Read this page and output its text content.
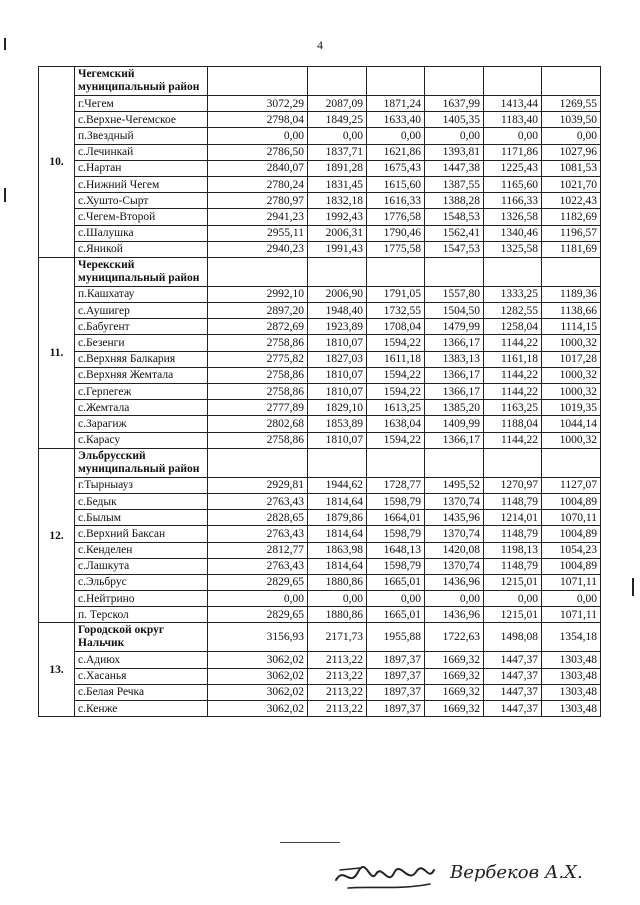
4
10.	Чегемский муниципальный район						
	г.Чегем	3072,29	2087,09	1871,24	1637,99	1413,44	1269,55
	с.Верхне-Чегемское	2798,04	1849,25	1633,40	1405,35	1183,40	1039,50
	п.Звездный	0,00	0,00	0,00	0,00	0,00	0,00
	с.Лечинкай	2786,50	1837,71	1621,86	1393,81	1171,86	1027,96
	с.Нартан	2840,07	1891,28	1675,43	1447,38	1225,43	1081,53
	с.Нижний Чегем	2780,24	1831,45	1615,60	1387,55	1165,60	1021,70
	с.Хушто-Сырт	2780,97	1832,18	1616,33	1388,28	1166,33	1022,43
	с.Чегем-Второй	2941,23	1992,43	1776,58	1548,53	1326,58	1182,69
	с.Шалушка	2955,11	2006,31	1790,46	1562,41	1340,46	1196,57
	с.Яникой	2940,23	1991,43	1775,58	1547,53	1325,58	1181,69
11.	Черекский муниципальный район						
	п.Кашхатау	2992,10	2006,90	1791,05	1557,80	1333,25	1189,36
	с.Аушигер	2897,20	1948,40	1732,55	1504,50	1282,55	1138,66
	с.Бабугент	2872,69	1923,89	1708,04	1479,99	1258,04	1114,15
	с.Безенги	2758,86	1810,07	1594,22	1366,17	1144,22	1000,32
	с.Верхняя Балкария	2775,82	1827,03	1611,18	1383,13	1161,18	1017,28
	с.Верхняя Жемтала	2758,86	1810,07	1594,22	1366,17	1144,22	1000,32
	с.Герпегеж	2758,86	1810,07	1594,22	1366,17	1144,22	1000,32
	с.Жемтала	2777,89	1829,10	1613,25	1385,20	1163,25	1019,35
	с.Зарагиж	2802,68	1853,89	1638,04	1409,99	1188,04	1044,14
	с.Карасу	2758,86	1810,07	1594,22	1366,17	1144,22	1000,32
12.	Эльбрусский муниципальный район						
	г.Тырныауз	2929,81	1944,62	1728,77	1495,52	1270,97	1127,07
	с.Бедык	2763,43	1814,64	1598,79	1370,74	1148,79	1004,89
	с.Былым	2828,65	1879,86	1664,01	1435,96	1214,01	1070,11
	с.Верхний Баксан	2763,43	1814,64	1598,79	1370,74	1148,79	1004,89
	с.Кенделен	2812,77	1863,98	1648,13	1420,08	1198,13	1054,23
	с.Лашкута	2763,43	1814,64	1598,79	1370,74	1148,79	1004,89
	с.Эльбрус	2829,65	1880,86	1665,01	1436,96	1215,01	1071,11
	с.Нейтрино	0,00	0,00	0,00	0,00	0,00	0,00
	п. Терскол	2829,65	1880,86	1665,01	1436,96	1215,01	1071,11
13.	Городской округ Нальчик	3156,93	2171,73	1955,88	1722,63	1498,08	1354,18
	с.Адиюх	3062,02	2113,22	1897,37	1669,32	1447,37	1303,48
	с.Хасанья	3062,02	2113,22	1897,37	1669,32	1447,37	1303,48
	с.Белая Речка	3062,02	2113,22	1897,37	1669,32	1447,37	1303,48
	с.Кенже	3062,02	2113,22	1897,37	1669,32	1447,37	1303,48
Вербеков А.Х.
